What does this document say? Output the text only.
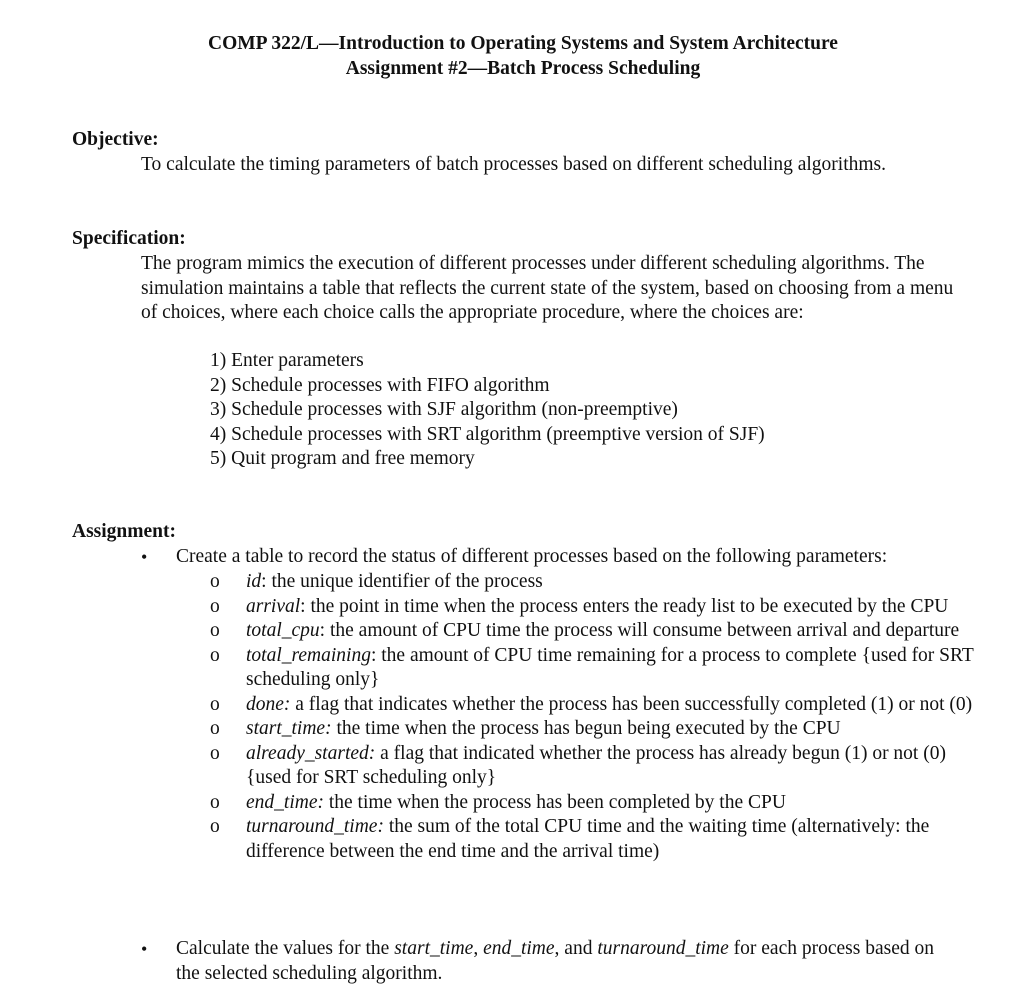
COMP 322/L—Introduction to Operating Systems and System Architecture
Assignment #2—Batch Process Scheduling
Objective:

To calculate the timing parameters of batch processes based on different scheduling algorithms.

Specification:

The program mimics the execution of different processes under different scheduling algorithms. The simulation maintains a table that reflects the current state of the system, based on choosing from a menu of choices, where each choice calls the appropriate procedure, where the choices are:

1) Enter parameters
2) Schedule processes with FIFO algorithm
3) Schedule processes with SJF algorithm (non-preemptive)
4) Schedule processes with SRT algorithm (preemptive version of SJF)
5) Quit program and free memory
Assignment:
•	Create a table to record the status of different processes based on the following parameters:
o	id: the unique identifier of the process
o	arrival: the point in time when the process enters the ready list to be executed by the CPU
o	total_cpu: the amount of CPU time the process will consume between arrival and departure
o	total_remaining: the amount of CPU time remaining for a process to complete {used for SRT scheduling only}
o	done: a flag that indicates whether the process has been successfully completed (1) or not (0)
o	start_time: the time when the process has begun being executed by the CPU
o	already_started: a flag that indicated whether the process has already begun (1) or not (0) {used for SRT scheduling only}
o	end_time: the time when the process has been completed by the CPU
o	turnaround_time: the sum of the total CPU time and the waiting time (alternatively: the difference between the end time and the arrival time)
•	Calculate the values for the start_time, end_time, and turnaround_time for each process based on the selected scheduling algorithm.
